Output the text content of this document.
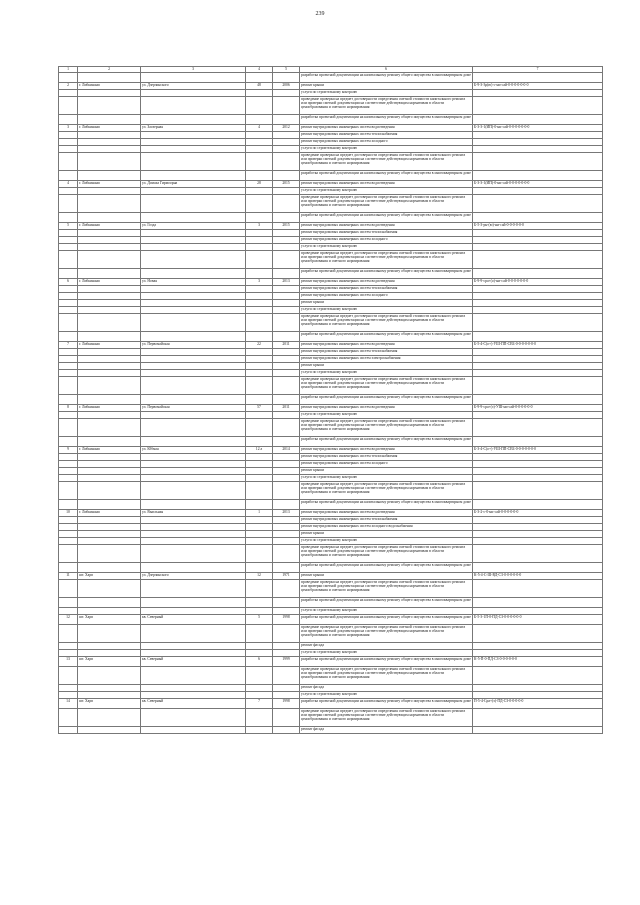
239
1	2	3	4	5	6	7
					разработка проектной документации на капитальному ремонту общего имущества в многоквартирном доме	
2	г. Либкинани	ул. Дзерзинского	48	2006	ремонт крыши	Б-9-3-3р(ю)-с-ни-сай-0-0-0-0-0-0-0
					услуги по строительному контролю	
					проведение проверки на предмет достоверности определения сметной стоимости капитального ремонта или проверки сметной документации на соответствие действующим нормативам в области ценообразования и сметного нормирования	
					разработка проектной документации на капитальному ремонту общего имущества в многоквартирном доме	
3	г. Либкинани	ул. Заозерная	4	2012	ремонт внутридомовых инженерных систем водоотведения	Б-3-3-1(ИП)-0-ни-сай-0-0-0-0-0-0-0
					ремонт внутридомовых инженерных систем теплоснабжения	
					ремонт внутридомовых инженерных систем холодного	
					услуги по строительному контролю	
					проведение проверки на предмет достоверности определения сметной стоимости капитального ремонта или проверки сметной документации на соответствие действующим нормативам в области ценообразования и сметного нормирования	
					разработка проектной документации на капитальному ремонту общего имущества в многоквартирном доме	
4	г. Либкинани	ул. Домаха Гирмоорна	28	2015	ремонт внутридомовых инженерных систем водоотведения	Б-3-3-1(ИП)-0-ни-сай-0-0-0-0-0-0-0
					услуги по строительному контролю	
					проведение проверки на предмет достоверности определения сметной стоимости капитального ремонта или проверки сметной документации на соответствие действующим нормативам в области ценообразования и сметного нормирования	
					разработка проектной документации на капитальному ремонту общего имущества в многоквартирном доме	
5	г. Либкинани	ул. Гоэда	3	2015	ремонт внутридомовых инженерных систем водоотведения	Б-5-3-рн-(ю)-ни-сай-0-0-0-0-0-0
					ремонт внутридомовых инженерных систем теплоснабжения	
					ремонт внутридомовых инженерных систем холодного	
					услуги по строительному контролю	
					проведение проверки на предмет достоверности определения сметной стоимости капитального ремонта или проверки сметной документации на соответствие действующим нормативам в области ценообразования и сметного нормирования	
					разработка проектной документации на капитальному ремонту общего имущества в многоквартирном доме	
6	г. Либкинани	ул. Новая	3	2013	ремонт внутридомовых инженерных систем водоотведения	Б-9-9-сра+(о)-ни-сай-0-0-0-0-0-0-0
					ремонт внутридомовых инженерных систем теплоснабжения	
					ремонт внутридомовых инженерных систем холодного	
					ремонт крыши	
					услуги по строительному контролю	
					проведение проверки на предмет достоверности определения сметной стоимости капитального ремонта или проверки сметной документации на соответствие действующим нормативам в области ценообразования и сметного нормирования	
					разработка проектной документации на капитальному ремонту общего имущества в многоквартирном доме	
7	г. Либкинани	ул. Первомайская	22	2011	ремонт внутридомовых инженерных систем водоотведения	Б-5-4-С(о+)-УШ-ПП-СЕБ-0-0-0-0-0-0-0
					ремонт внутридомовых инженерных систем теплоснабжения	
					ремонт внутридомовых инженерных систем электроснабжения	
					ремонт крыши	
					услуги по строительному контролю	
					проведение проверки на предмет достоверности определения сметной стоимости капитального ремонта или проверки сметной документации на соответствие действующим нормативам в области ценообразования и сметного нормирования	
					разработка проектной документации на капитальному ремонту общего имущества в многоквартирном доме	
8	г. Либкинани	ул. Первомайская	57	2011	ремонт внутридомовых инженерных систем водоотведения	Б-9-9-сра+(э)-УШ-ни-сай-0-0-0-0-0-0
					услуги по строительному контролю	
					проведение проверки на предмет достоверности определения сметной стоимости капитального ремонта или проверки сметной документации на соответствие действующим нормативам в области ценообразования и сметного нормирования	
					разработка проектной документации на капитальному ремонту общего имущества в многоквартирном доме	
9	г. Либкинани	ул. Юбмая	12 а	2014	ремонт внутридомовых инженерных систем водоотведения	Б-3-4-С(о+)-УШ-ПП-СЕБ-0-0-0-0-0-0-0
					ремонт внутридомовых инженерных систем теплоснабжения	
					ремонт внутридомовых инженерных систем холодного	
					ремонт крыши	
					услуги по строительному контролю	
					проведение проверки на предмет достоверности определения сметной стоимости капитального ремонта или проверки сметной документации на соответствие действующим нормативам в области ценообразования и сметного нормирования	
					разработка проектной документации на капитальному ремонту общего имущества в многоквартирном доме	
10	г. Либкинани	ул. Выпльная	1	2013	ремонт внутридомовых инженерных систем водоотведения	Б-3-2-с-0-ни-сай-0-0-0-0-0-0
					ремонт внутридомовых инженерных систем теплоснабжения	
					ремонт внутридомовых инженерных систем холодного водоснабжения	
					ремонт крыши	
					услуги по строительному контролю	
					проведение проверки на предмет достоверности определения сметной стоимости капитального ремонта или проверки сметной документации на соответствие действующим нормативам в области ценообразования и сметного нормирования	
					разработка проектной документации на капитальному ремонту общего имущества в многоквартирном доме	
11	шт. Харп	ул. Дзерзинского	12	1971	ремонт крыши	К-5-4-С-Ш-ВД-СЗ-0-0-0-0-0-0
					проведение проверки на предмет достоверности определения сметной стоимости капитального ремонта или проверки сметной документации на соответствие действующим нормативам в области ценообразования и сметного нормирования	
					разработка проектной документации на капитальному ремонту общего имущества в многоквартирном доме	
					услуги по строительному контролю	
12	шт. Харп	кв. Северный	5	1998	разработка проектной документации на капитальному ремонту общего имущества в многоквартирном доме	Б-5-3-1П-0-ПД-СЗ-0-0-0-0-0-0
					проведение проверки на предмет достоверности определения сметной стоимости капитального ремонта или проверки сметной документации на соответствие действующим нормативам в области ценообразования и сметного нормирования	
					ремонт фасада	
					услуги по строительному контролю	
13	шт. Харп	кв. Северный	6	1999	разработка проектной документации на капитальному ремонту общего имущества в многоквартирном доме	К-5-П-0-ПД-СЗ-0-0-0-0-0-0
					проведение проверки на предмет достоверности определения сметной стоимости капитального ремонта или проверки сметной документации на соответствие действующим нормативам в области ценообразования и сметного нормирования	
					ремонт фасада	
					услуги по строительному контролю	
14	шт. Харп	кв. Северный	7	1998	разработка проектной документации на капитальному ремонту общего имущества в многоквартирном доме	П-5-4-Сра+(э)-ПД-СЗ-0-0-0-0-0
					проведение проверки на предмет достоверности определения сметной стоимости капитального ремонта или проверки сметной документации на соответствие действующим нормативам в области ценообразования и сметного нормирования	
					ремонт фасада	
